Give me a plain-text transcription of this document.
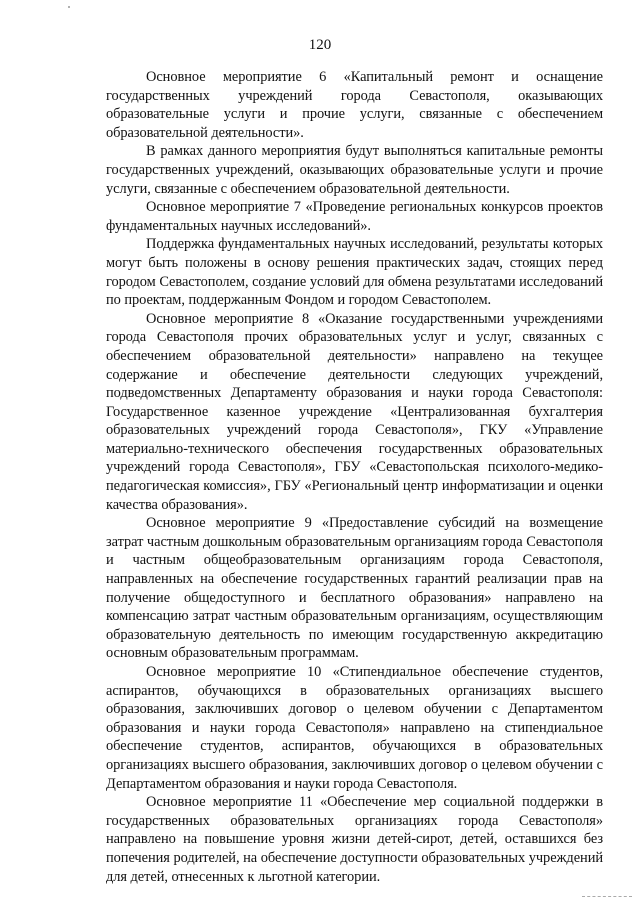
120

Основное мероприятие 6 «Капитальный ремонт и оснащение государственных учреждений города Севастополя, оказывающих образовательные услуги и прочие услуги, связанные с обеспечением образовательной деятельности».

В рамках данного мероприятия будут выполняться капитальные ремонты государственных учреждений, оказывающих образовательные услуги и прочие услуги, связанные с обеспечением образовательной деятельности.

Основное мероприятие 7 «Проведение региональных конкурсов проектов фундаментальных научных исследований».

Поддержка фундаментальных научных исследований, результаты которых могут быть положены в основу решения практических задач, стоящих перед городом Севастополем, создание условий для обмена результатами исследований по проектам, поддержанным Фондом и городом Севастополем.

Основное мероприятие 8 «Оказание государственными учреждениями города Севастополя прочих образовательных услуг и услуг, связанных с обеспечением образовательной деятельности» направлено на текущее содержание и обеспечение деятельности следующих учреждений, подведомственных Департаменту образования и науки города Севастополя: Государственное казенное учреждение «Централизованная бухгалтерия образовательных учреждений города Севастополя», ГКУ «Управление материально-технического обеспечения государственных образовательных учреждений города Севастополя», ГБУ «Севастопольская психолого-медико-педагогическая комиссия», ГБУ «Региональный центр информатизации и оценки качества образования».

Основное мероприятие 9 «Предоставление субсидий на возмещение затрат частным дошкольным образовательным организациям города Севастополя и частным общеобразовательным организациям города Севастополя, направленных на обеспечение государственных гарантий реализации прав на получение общедоступного и бесплатного образования» направлено на компенсацию затрат частным образовательным организациям, осуществляющим образовательную деятельность по имеющим государственную аккредитацию основным образовательным программам.

Основное мероприятие 10 «Стипендиальное обеспечение студентов, аспирантов, обучающихся в образовательных организациях высшего образования, заключивших договор о целевом обучении с Департаментом образования и науки города Севастополя» направлено на стипендиальное обеспечение студентов, аспирантов, обучающихся в образовательных организациях высшего образования, заключивших договор о целевом обучении с Департаментом образования и науки города Севастополя.

Основное мероприятие 11 «Обеспечение мер социальной поддержки в государственных образовательных организациях города Севастополя» направлено на повышение уровня жизни детей-сирот, детей, оставшихся без попечения родителей, на обеспечение доступности образовательных учреждений для детей, отнесенных к льготной категории.
